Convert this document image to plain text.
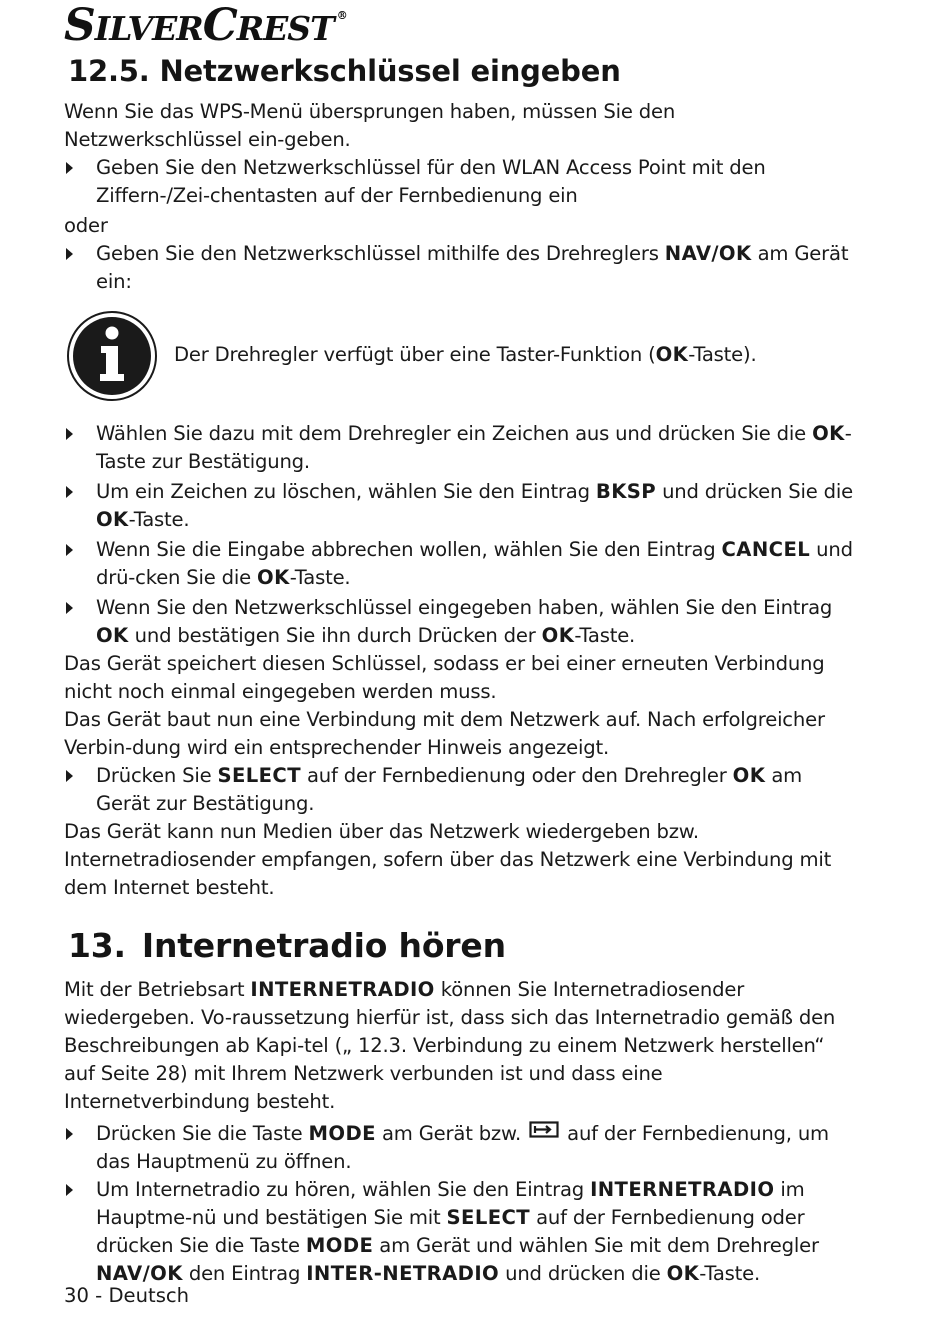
SILVERCREST ®
12.5. Netzwerkschlüssel eingeben

Wenn Sie das WPS-Menü übersprungen haben, müssen Sie den Netzwerkschlüssel ein-geben.

Geben Sie den Netzwerkschlüssel für den WLAN Access Point mit den Ziffern-/Zei-chentasten auf der Fernbedienung ein

oder

Geben Sie den Netzwerkschlüssel mithilfe des Drehreglers NAV/OK am Gerät ein:
Der Drehregler verfügt über eine Taster-Funktion (OK-Taste).
Wählen Sie dazu mit dem Drehregler ein Zeichen aus und drücken Sie die OK-Taste zur Bestätigung.
Um ein Zeichen zu löschen, wählen Sie den Eintrag BKSP und drücken Sie die OK-Taste.
Wenn Sie die Eingabe abbrechen wollen, wählen Sie den Eintrag CANCEL und drü-cken Sie die OK-Taste.
Wenn Sie den Netzwerkschlüssel eingegeben haben, wählen Sie den Eintrag OK und bestätigen Sie ihn durch Drücken der OK-Taste.

Das Gerät speichert diesen Schlüssel, sodass er bei einer erneuten Verbindung nicht noch einmal eingegeben werden muss.

Das Gerät baut nun eine Verbindung mit dem Netzwerk auf. Nach erfolgreicher Verbin-dung wird ein entsprechender Hinweis angezeigt.

Drücken Sie SELECT auf der Fernbedienung oder den Drehregler OK am Gerät zur Bestätigung.

Das Gerät kann nun Medien über das Netzwerk wiedergeben bzw. Internetradiosender empfangen, sofern über das Netzwerk eine Verbindung mit dem Internet besteht.

13. Internetradio hören

Mit der Betriebsart INTERNETRADIO können Sie Internetradiosender wiedergeben. Vo-raussetzung hierfür ist, dass sich das Internetradio gemäß den Beschreibungen ab Kapi-tel („ 12.3. Verbindung zu einem Netzwerk herstellen“ auf Seite 28) mit Ihrem Netzwerk verbunden ist und dass eine Internetverbindung besteht.

Drücken Sie die Taste MODE am Gerät bzw.  auf der Fernbedienung, um das Hauptmenü zu öffnen.
Um Internetradio zu hören, wählen Sie den Eintrag INTERNETRADIO im Hauptme-nü und bestätigen Sie mit SELECT auf der Fernbedienung oder drücken Sie die Taste MODE am Gerät und wählen Sie mit dem Drehregler NAV/OK den Eintrag INTER-NETRADIO und drücken die OK-Taste.
30 - Deutsch
